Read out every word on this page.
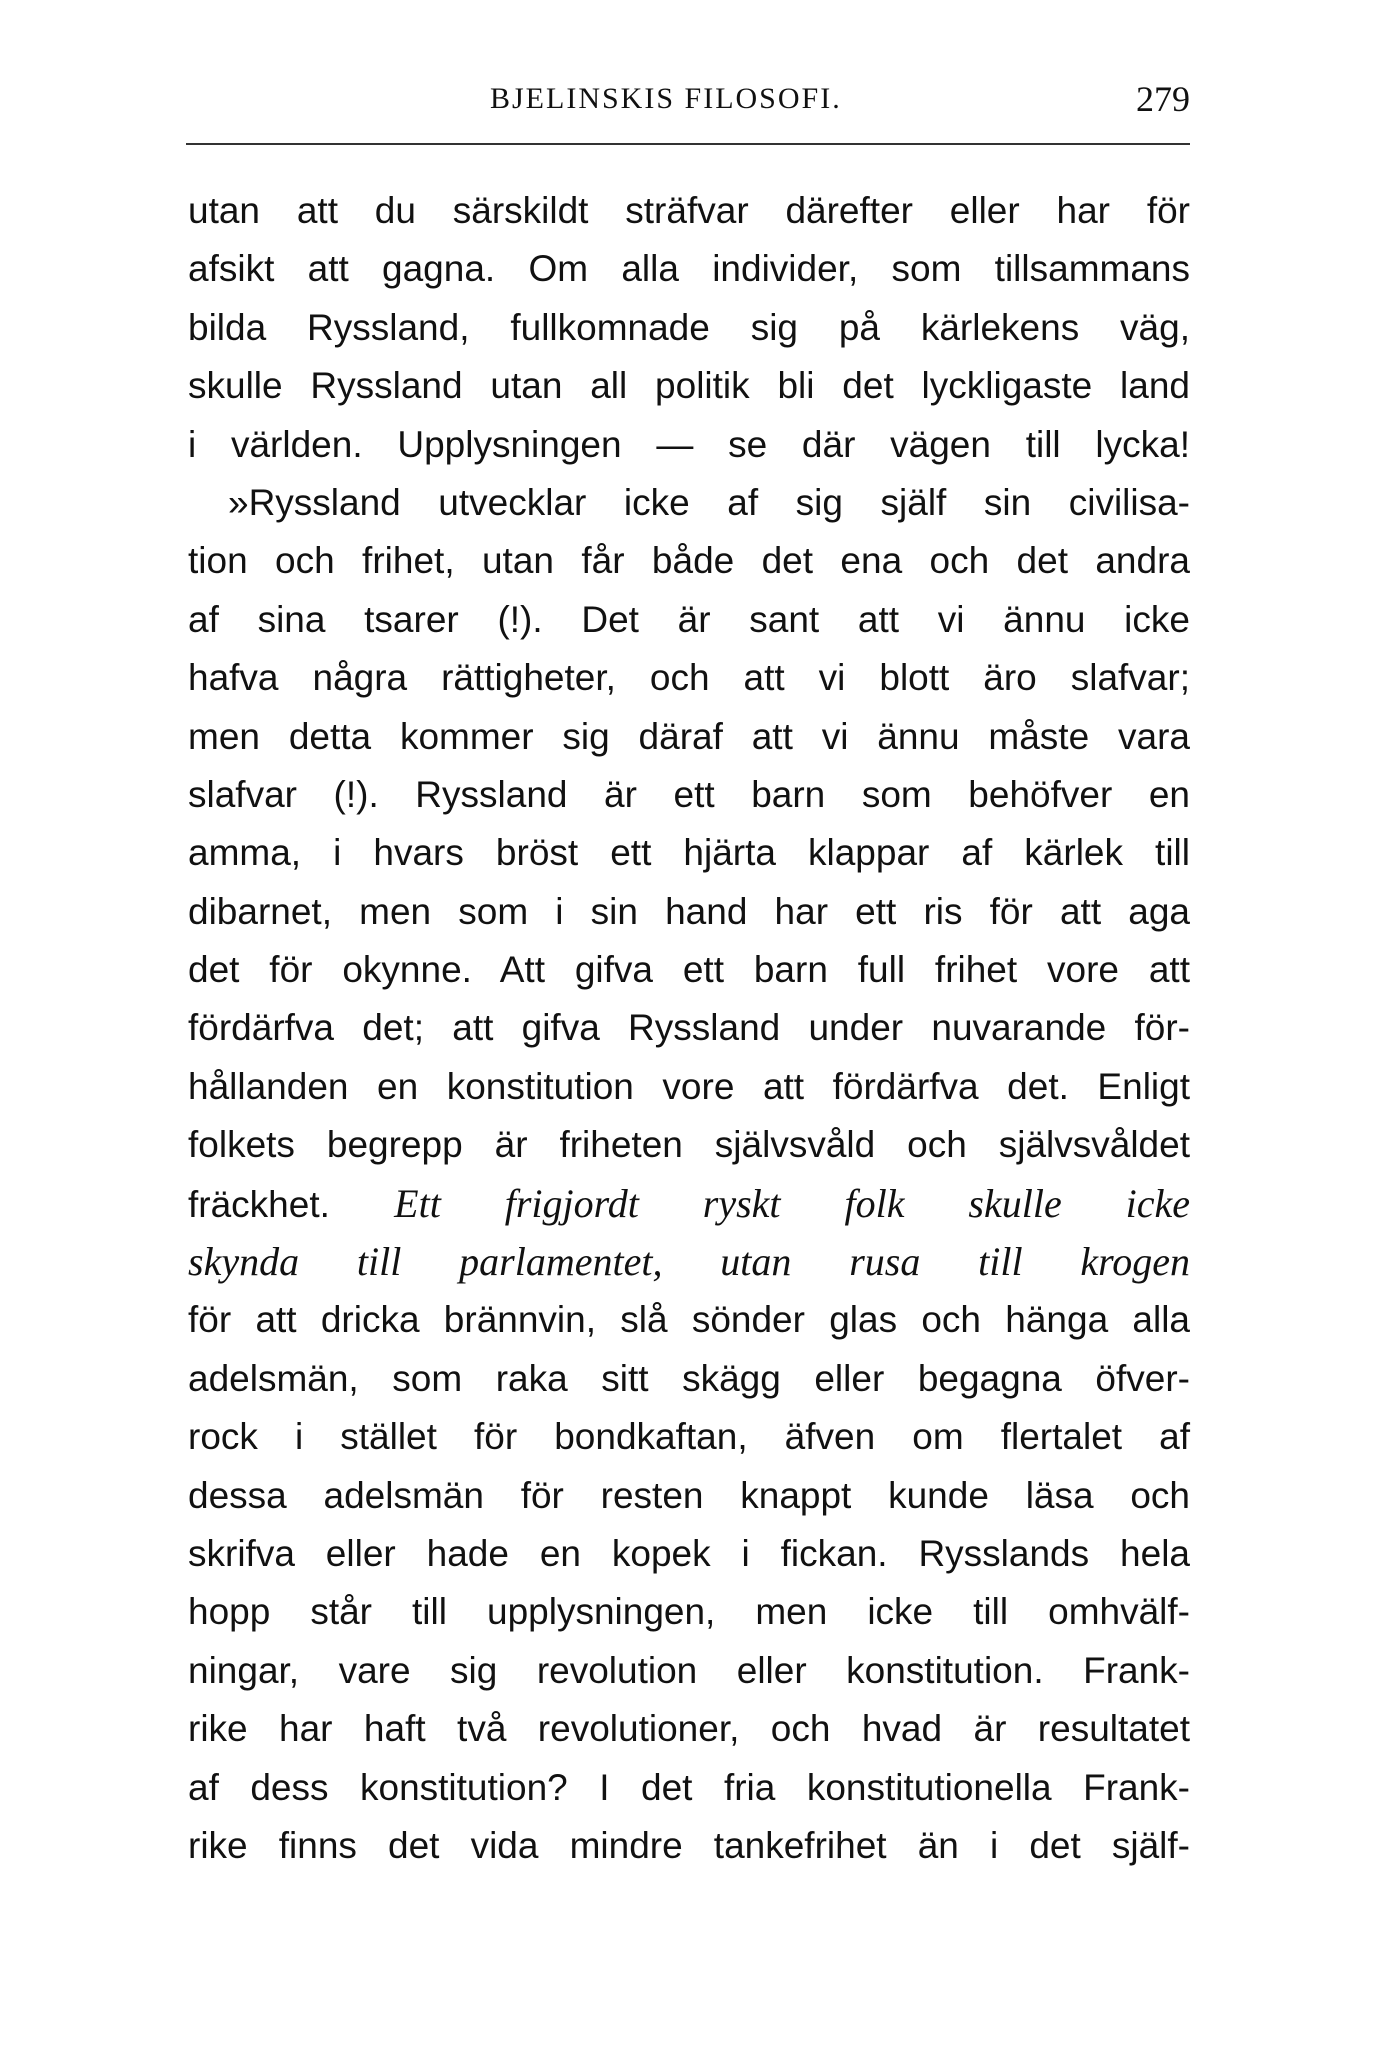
BJELINSKIS FILOSOFI.	279
utan att du särskildt sträfvar därefter eller har för
afsikt att gagna. Om alla individer, som tillsammans
bilda Ryssland, fullkomnade sig på kärlekens väg,
skulle Ryssland utan all politik bli det lyckligaste land
i världen. Upplysningen — se där vägen till lycka!
»Ryssland utvecklar icke af sig själf sin civilisa-
tion och frihet, utan får både det ena och det andra
af sina tsarer (!). Det är sant att vi ännu icke
hafva några rättigheter, och att vi blott äro slafvar;
men detta kommer sig däraf att vi ännu måste vara
slafvar (!). Ryssland är ett barn som behöfver en
amma, i hvars bröst ett hjärta klappar af kärlek till
dibarnet, men som i sin hand har ett ris för att aga
det för okynne. Att gifva ett barn full frihet vore att
fördärfva det; att gifva Ryssland under nuvarande för-
hållanden en konstitution vore att fördärfva det. Enligt
folkets begrepp är friheten självsvåld och självsvåldet
fräckhet. Ett frigjordt ryskt folk skulle icke
skynda till parlamentet, utan rusa till krogen
för att dricka brännvin, slå sönder glas och hänga alla
adelsmän, som raka sitt skägg eller begagna öfver-
rock i stället för bondkaftan, äfven om flertalet af
dessa adelsmän för resten knappt kunde läsa och
skrifva eller hade en kopek i fickan. Rysslands hela
hopp står till upplysningen, men icke till omhvälf-
ningar, vare sig revolution eller konstitution. Frank-
rike har haft två revolutioner, och hvad är resultatet
af dess konstitution? I det fria konstitutionella Frank-
rike finns det vida mindre tankefrihet än i det själf-
